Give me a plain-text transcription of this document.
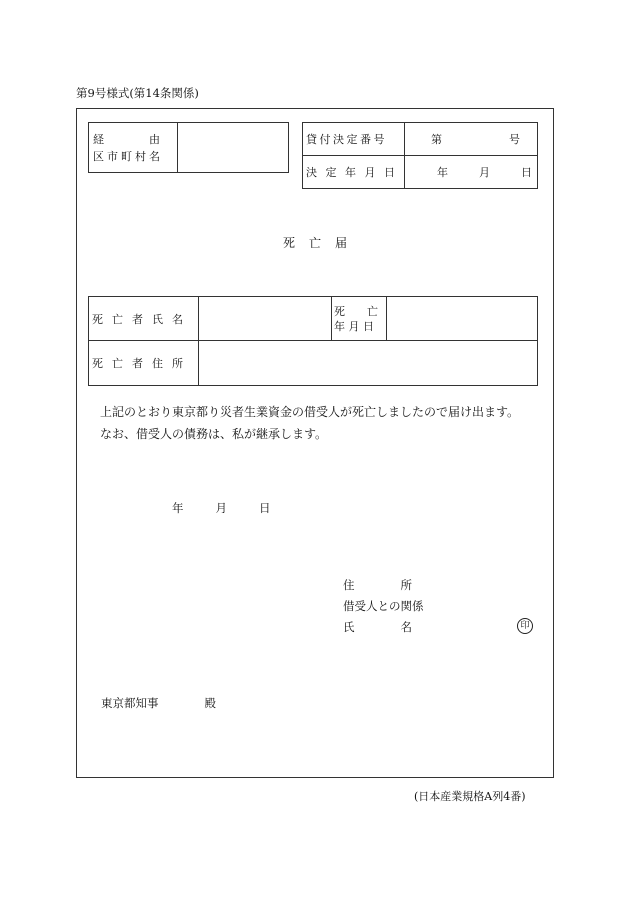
第9号様式(第14条関係)
経　　　由
区市町村名

貸付決定番号	第　　　　　号

決定年月日	年　　月　　日
死亡届
死亡者氏名		死　　亡
年 月 日	

死亡者住所			

上記のとおり東京都り災者生業資金の借受人が死亡しましたので届け出ます。
なお、借受人の債務は、私が継承します。
年　　月　　日
住　　　　所
借受人との関係
氏　　　　名	印
東京都知事	殿
(日本産業規格A列4番)
